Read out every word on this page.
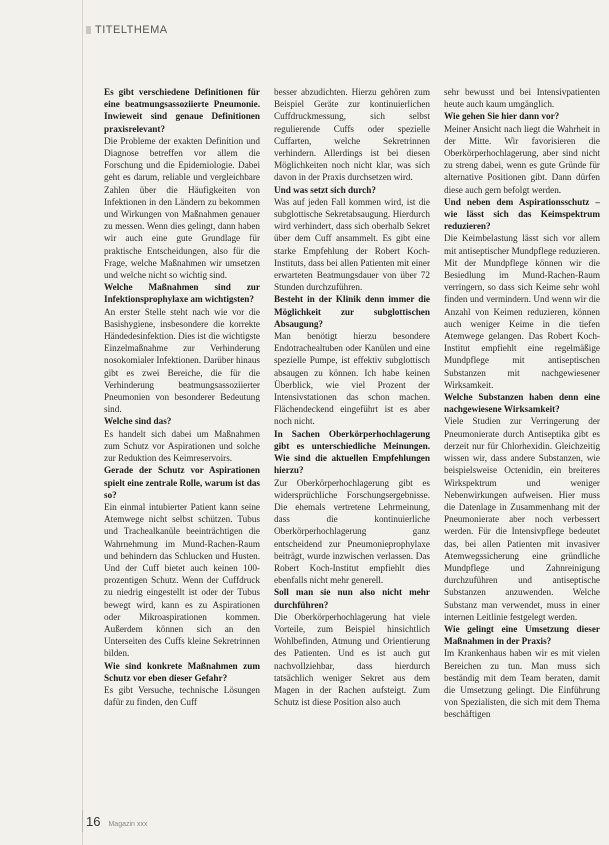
TITELTHEMA

Es gibt verschiedene Definitionen für eine beatmungsassoziierte Pneumonie. Inwieweit sind genaue Definitionen praxisrelevant?

Die Probleme der exakten Definition und Diagnose betreffen vor allem die Forschung und die Epidemiologie. Dabei geht es darum, reliable und vergleichbare Zahlen über die Häufigkeiten von Infektionen in den Ländern zu bekommen und Wirkungen von Maßnahmen genauer zu messen. Wenn dies gelingt, dann haben wir auch eine gute Grundlage für praktische Entscheidungen, also für die Frage, welche Maßnahmen wir umsetzen und welche nicht so wichtig sind.

Welche Maßnahmen sind zur Infektionsprophylaxe am wichtigsten?

An erster Stelle steht nach wie vor die Basishygiene, insbesondere die korrekte Händedesinfektion. Dies ist die wichtigste Einzelmaßnahme zur Verhinderung nosokomialer Infektionen. Darüber hinaus gibt es zwei Bereiche, die für die Verhinderung beatmungsassoziierter Pneumonien von besonderer Bedeutung sind.

Welche sind das?

Es handelt sich dabei um Maßnahmen zum Schutz vor Aspirationen und solche zur Reduktion des Keimreservoirs.

Gerade der Schutz vor Aspirationen spielt eine zentrale Rolle, warum ist das so?

Ein einmal intubierter Patient kann seine Atemwege nicht selbst schützen. Tubus und Trachealkanüle beeinträchtigen die Wahrnehmung im Mund-Rachen-Raum und behindern das Schlucken und Husten. Und der Cuff bietet auch keinen 100-prozentigen Schutz. Wenn der Cuffdruck zu niedrig eingestellt ist oder der Tubus bewegt wird, kann es zu Aspirationen oder Mikroaspirationen kommen. Außerdem können sich an den Unterseiten des Cuffs kleine Sekretrinnen bilden.

Wie sind konkrete Maßnahmen zum Schutz vor eben dieser Gefahr?

Es gibt Versuche, technische Lösungen dafür zu finden, den Cuff

besser abzudichten. Hierzu gehören zum Beispiel Geräte zur kontinuierlichen Cuffdruckmessung, sich selbst regulierende Cuffs oder spezielle Cuffarten, welche Sekretrinnen verhindern. Allerdings ist bei diesen Möglichkeiten noch nicht klar, was sich davon in der Praxis durchsetzen wird.

Und was setzt sich durch?

Was auf jeden Fall kommen wird, ist die subglottische Sekretabsaugung. Hierdurch wird verhindert, dass sich oberhalb Sekret über dem Cuff ansammelt. Es gibt eine starke Empfehlung der Robert Koch-Instituts, dass bei allen Patienten mit einer erwarteten Beatmungsdauer von über 72 Stunden durchzuführen.

Besteht in der Klinik denn immer die Möglichkeit zur subglottischen Absaugung?

Man benötigt hierzu besondere Endotrachealtuben oder Kanülen und eine spezielle Pumpe, ist effektiv subglottisch absaugen zu können. Ich habe keinen Überblick, wie viel Prozent der Intensivstationen das schon machen. Flächendeckend eingeführt ist es aber noch nicht.

In Sachen Oberkörperhochlagerung gibt es unterschiedliche Meinungen. Wie sind die aktuellen Empfehlungen hierzu?

Zur Oberkörperhochlagerung gibt es widersprüchliche Forschungsergebnisse. Die ehemals vertretene Lehrmeinung, dass die kontinuierliche Oberkörperhochlagerung ganz entscheidend zur Pneumonieprophylaxe beiträgt, wurde inzwischen verlassen. Das Robert Koch-Institut empfiehlt dies ebenfalls nicht mehr generell.

Soll man sie nun also nicht mehr durchführen?

Die Oberkörperhochlagerung hat viele Vorteile, zum Beispiel hinsichtlich Wohlbefinden, Atmung und Orientierung des Patienten. Und es ist auch gut nachvollziehbar, dass hierdurch tatsächlich weniger Sekret aus dem Magen in der Rachen aufsteigt. Zum Schutz ist diese Position also auch

sehr bewusst und bei Intensivpatienten heute auch kaum umgänglich.

Wie gehen Sie hier dann vor?

Meiner Ansicht nach liegt die Wahrheit in der Mitte. Wir favorisieren die Oberkörperhochlagerung, aber sind nicht zu streng dabei, wenn es gute Gründe für alternative Positionen gibt. Dann dürfen diese auch gern befolgt werden.

Und neben dem Aspirationsschutz – wie lässt sich das Keimspektrum reduzieren?

Die Keimbelastung lässt sich vor allem mit antiseptischer Mundpflege reduzieren. Mit der Mundpflege können wir die Besiedlung im Mund-Rachen-Raum verringern, so dass sich Keime sehr wohl finden und vermindern. Und wenn wir die Anzahl von Keimen reduzieren, können auch weniger Keime in die tiefen Atemwege gelangen. Das Robert Koch-Institut empfiehlt eine regelmäßige Mundpflege mit antiseptischen Substanzen mit nachgewiesener Wirksamkeit.

Welche Substanzen haben denn eine nachgewiesene Wirksamkeit?

Viele Studien zur Verringerung der Pneumonierate durch Antiseptika gibt es derzeit nur für Chlorhexidin. Gleichzeitig wissen wir, dass andere Substanzen, wie beispielsweise Octenidin, ein breiteres Wirkspektrum und weniger Nebenwirkungen aufweisen. Hier muss die Datenlage in Zusammenhang mit der Pneumonierate aber noch verbessert werden. Für die Intensivpflege bedeutet das, bei allen Patienten mit invasiver Atemwegssicherung eine gründliche Mundpflege und Zahnreinigung durchzuführen und antiseptische Substanzen anzuwenden. Welche Substanz man verwendet, muss in einer internen Leitlinie festgelegt werden.

Wie gelingt eine Umsetzung dieser Maßnahmen in der Praxis?

Im Krankenhaus haben wir es mit vielen Bereichen zu tun. Man muss sich beständig mit dem Team beraten, damit die Umsetzung gelingt. Die Einführung von Spezialisten, die sich mit dem Thema beschäftigen

16 Magazin xxx
